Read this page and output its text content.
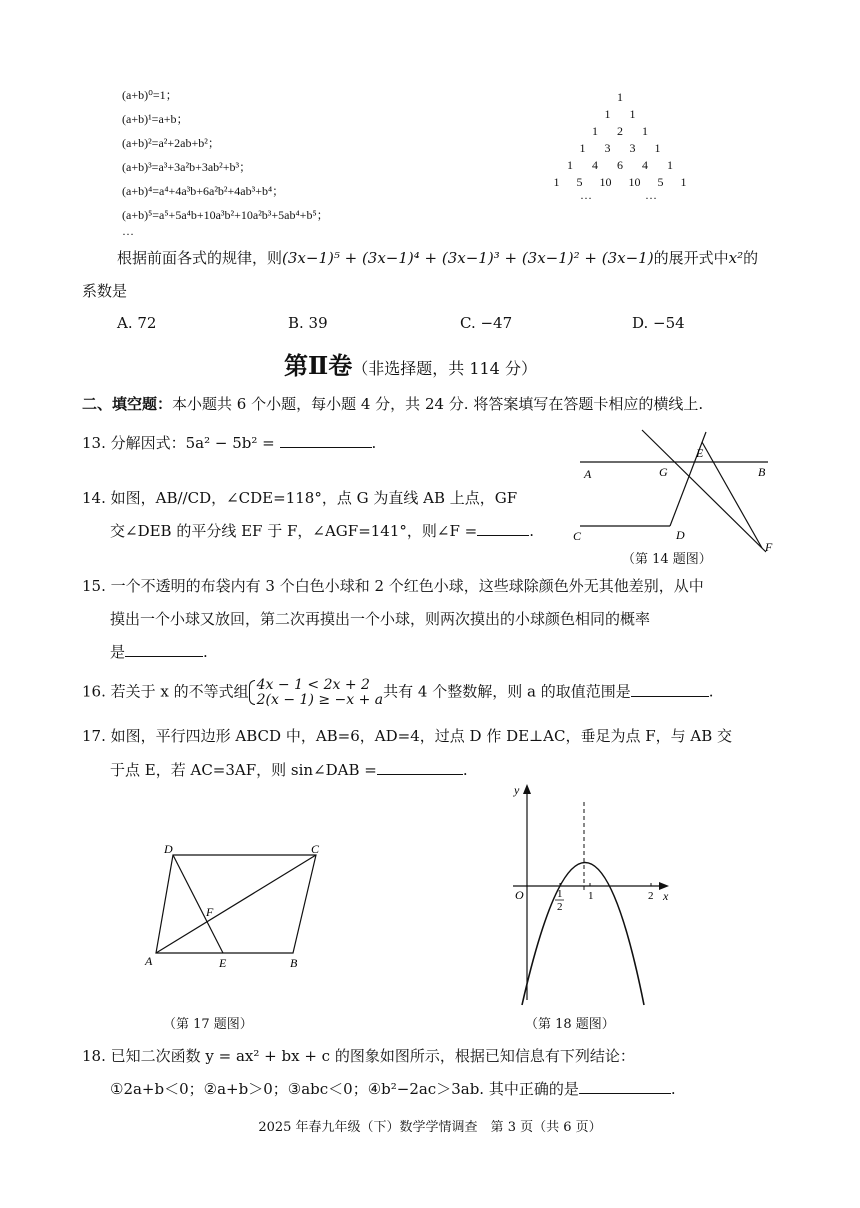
(a+b)⁰=1；
(a+b)¹=a+b；
(a+b)²=a²+2ab+b²；
(a+b)³=a³+3a²b+3ab²+b³；
(a+b)⁴=a⁴+4a³b+6a²b²+4ab³+b⁴；
(a+b)⁵=a⁵+5a⁴b+10a³b²+10a²b³+5ab⁴+b⁵；
…
1
1 1
1 2 1
1 3 3 1
1 4 6 4 1
1 5 10 10 5 1
…	…
根据前面各式的规律，则(3x−1)⁵ + (3x−1)⁴ + (3x−1)³ + (3x−1)² + (3x−1)的展开式中x²的
系数是
A. 72	B. 39	C. −47	D. −54
第Ⅱ卷（非选择题，共 114 分）
二、填空题：本小题共 6 个小题，每小题 4 分，共 24 分. 将答案填写在答题卡相应的横线上.
13. 分解因式：5a² − 5b² =	.
14. 如图，AB//CD，∠CDE=118°，点 G 为直线 AB 上点，GF
交∠DEB 的平分线 EF 于 F，∠AGF=141°，则∠F =	.
A	G
E
B
C	D
F
（第 14 题图）
15. 一个不透明的布袋内有 3 个白色小球和 2 个红色小球，这些球除颜色外无其他差别，从中
摸出一个小球又放回，第二次再摸出一个小球，则两次摸出的小球颜色相同的概率
是	.
16. 若关于 x 的不等式组 4x − 1 < 2x + 2
2(x − 1) ≥ −x + a共有 4 个整数解，则 a 的取值范围是	.
17. 如图，平行四边形 ABCD 中，AB=6，AD=4，过点 D 作 DE⊥AC，垂足为点 F，与 AB 交
于点 E，若 AC=3AF，则 sin∠DAB =	.
A	B
C
D
E
F
（第 17 题图）
y
x
O	1
2
1	2
（第 18 题图）
18. 已知二次函数 y = ax² + bx + c 的图象如图所示，根据已知信息有下列结论：
①2a+b＜0；②a+b＞0；③abc＜0；④b²−2ac＞3ab. 其中正确的是	.
2025 年春九年级（下）数学学情调查　第 3 页（共 6 页）
